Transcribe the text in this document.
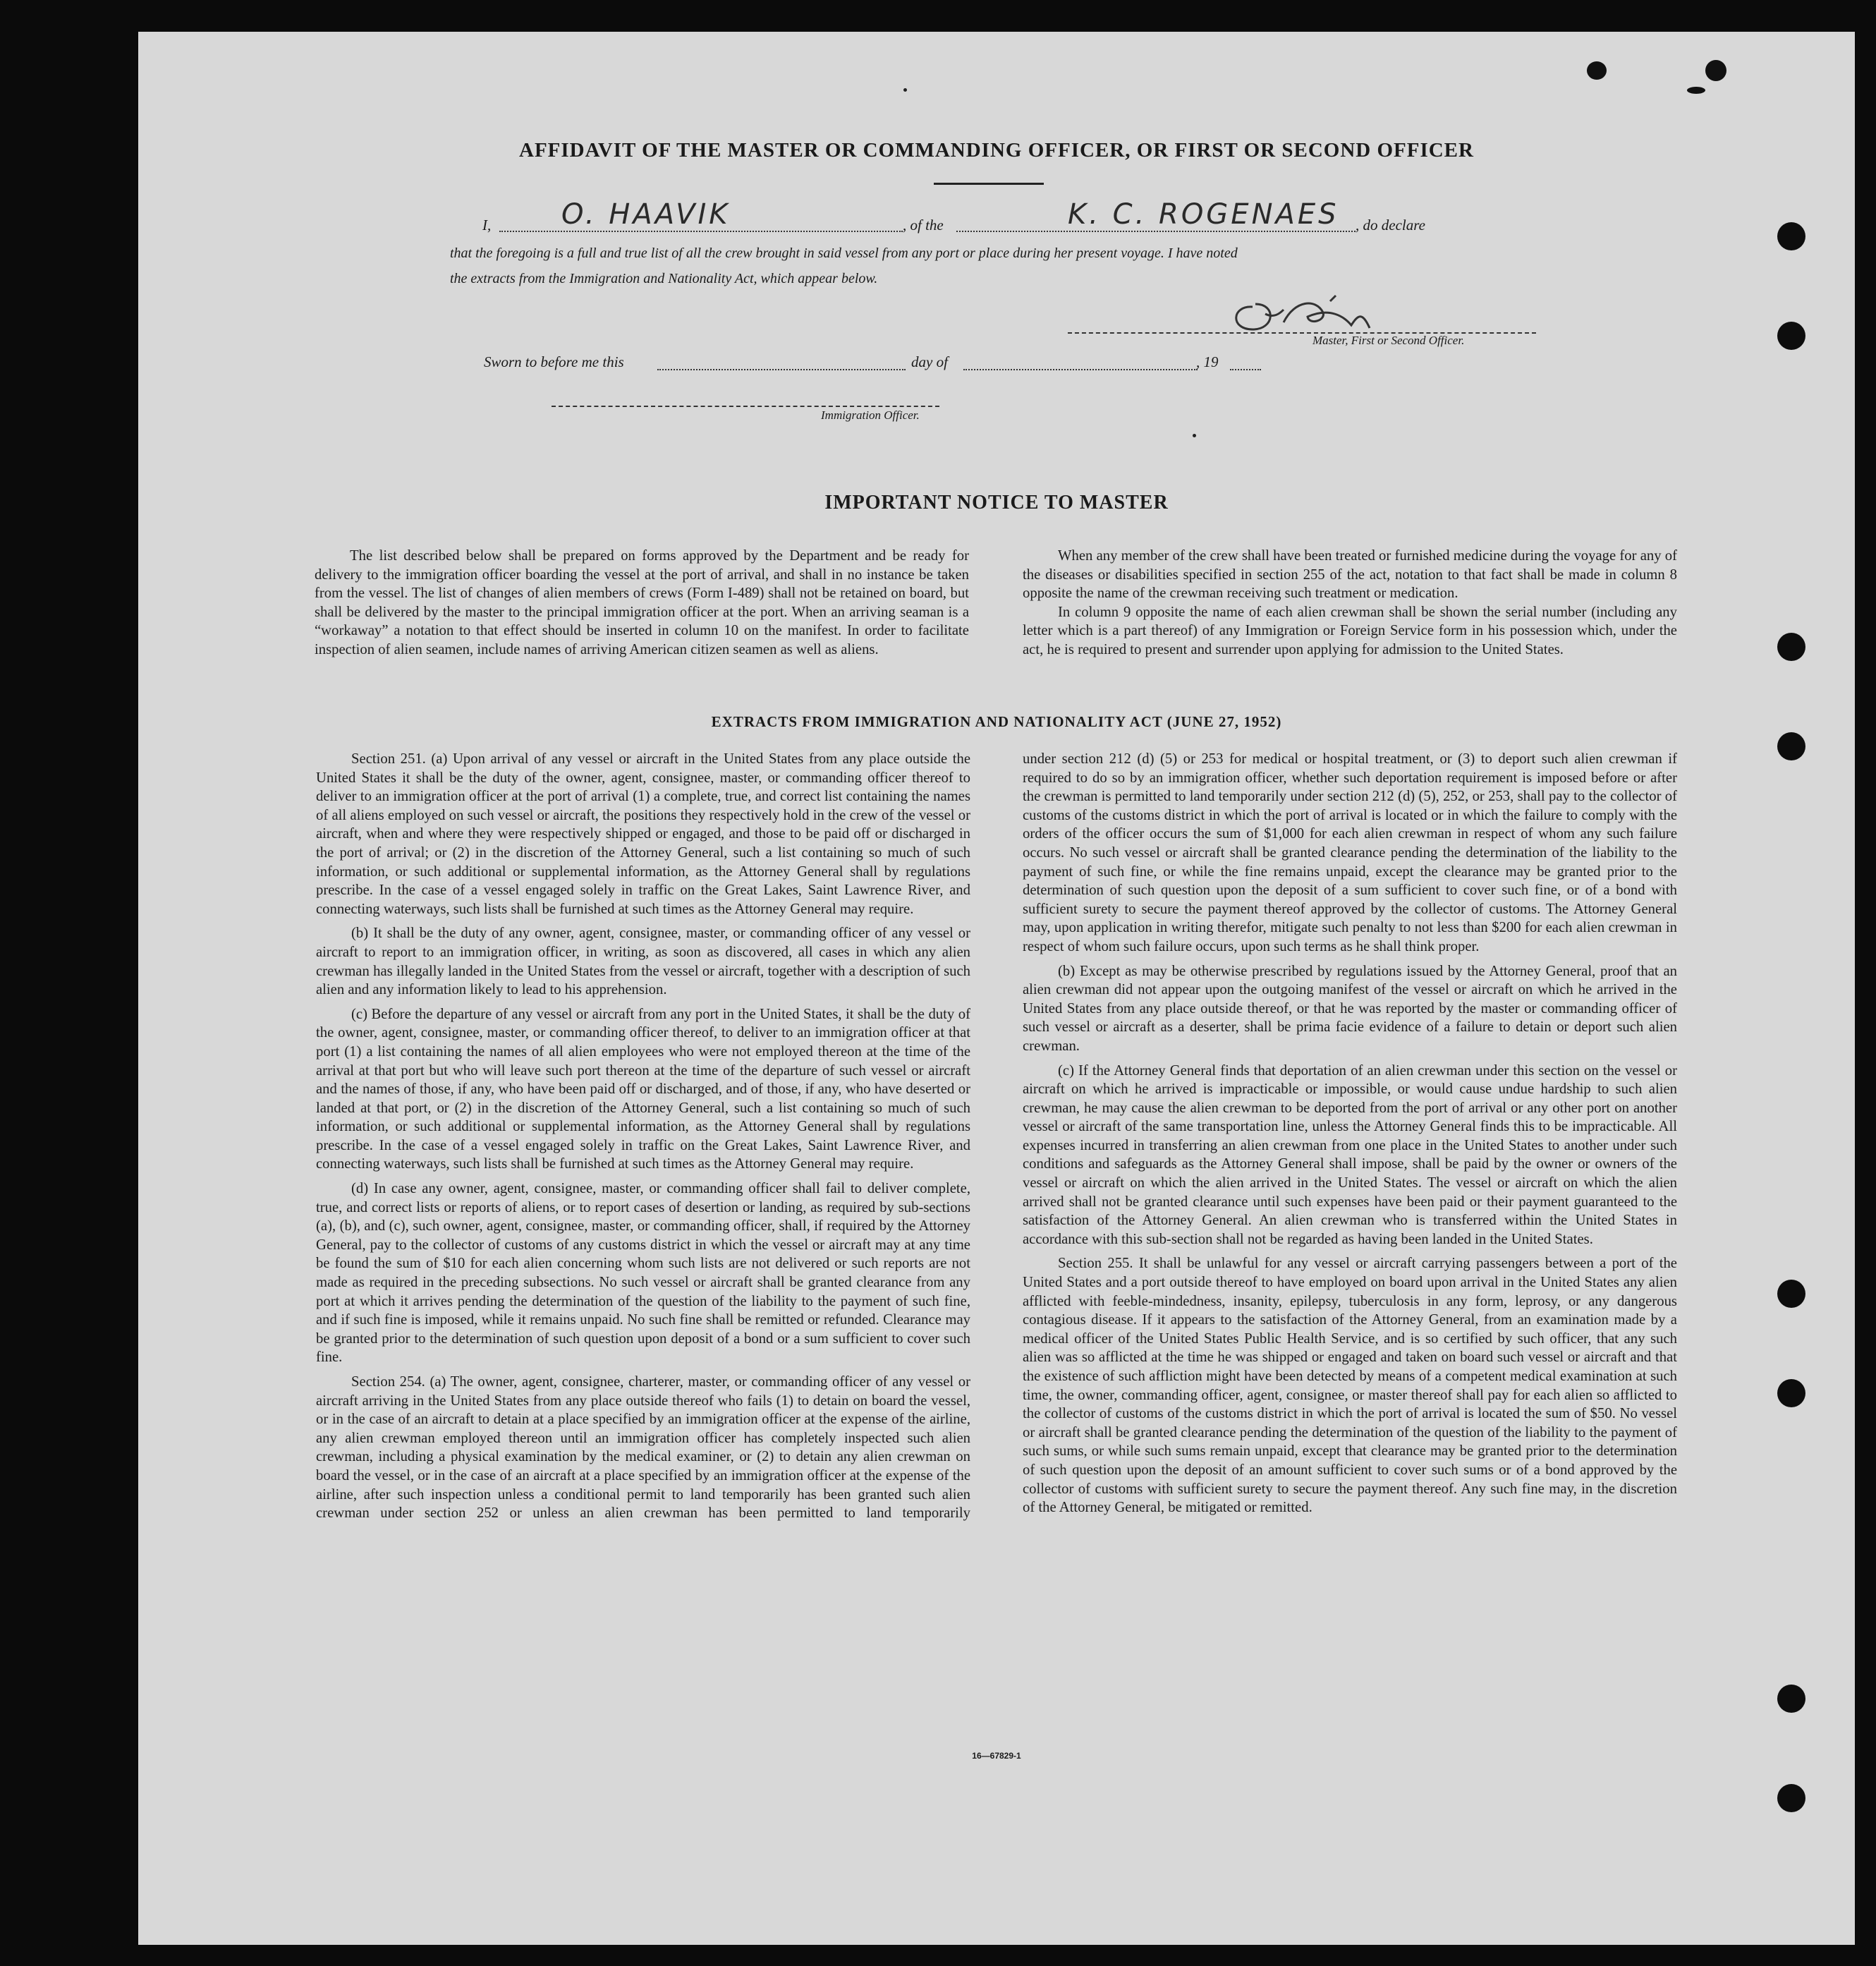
AFFIDAVIT OF THE MASTER OR COMMANDING OFFICER, OR FIRST OR SECOND OFFICER
I, O. HAAVIK	, of the	K. C. ROGENAES , do declare
that the foregoing is a full and true list of all the crew brought in said vessel from any port or place during her present voyage. I have noted
the extracts from the Immigration and Nationality Act, which appear below.
Master, First or Second Officer.
Sworn to before me this	day of	, 19
Immigration Officer.
IMPORTANT NOTICE TO MASTER

The list described below shall be prepared on forms approved by the Department and be ready for delivery to the immigration officer boarding the vessel at the port of arrival, and shall in no instance be taken from the vessel. The list of changes of alien members of crews (Form I-489) shall not be retained on board, but shall be delivered by the master to the principal immigration officer at the port. When an arriving seaman is a “workaway” a notation to that effect should be inserted in column 10 on the manifest. In order to facilitate inspection of alien seamen, include names of arriving American citizen seamen as well as aliens.

When any member of the crew shall have been treated or furnished medicine during the voyage for any of the diseases or disabilities specified in section 255 of the act, notation to that fact shall be made in column 8 opposite the name of the crewman receiving such treatment or medication.

In column 9 opposite the name of each alien crewman shall be shown the serial number (including any letter which is a part thereof) of any Immigration or Foreign Service form in his possession which, under the act, he is required to present and surrender upon applying for admission to the United States.

EXTRACTS FROM IMMIGRATION AND NATIONALITY ACT (JUNE 27, 1952)

Section 251. (a) Upon arrival of any vessel or aircraft in the United States from any place outside the United States it shall be the duty of the owner, agent, consignee, master, or commanding officer thereof to deliver to an immigration officer at the port of arrival (1) a complete, true, and correct list containing the names of all aliens employed on such vessel or aircraft, the positions they respectively hold in the crew of the vessel or aircraft, when and where they were respectively shipped or engaged, and those to be paid off or discharged in the port of arrival; or (2) in the discretion of the Attorney General, such a list containing so much of such information, or such additional or supplemental information, as the Attorney General shall by regulations prescribe. In the case of a vessel engaged solely in traffic on the Great Lakes, Saint Lawrence River, and connecting waterways, such lists shall be furnished at such times as the Attorney General may require.

(b) It shall be the duty of any owner, agent, consignee, master, or commanding officer of any vessel or aircraft to report to an immigration officer, in writing, as soon as discovered, all cases in which any alien crewman has illegally landed in the United States from the vessel or aircraft, together with a description of such alien and any information likely to lead to his apprehension.

(c) Before the departure of any vessel or aircraft from any port in the United States, it shall be the duty of the owner, agent, consignee, master, or commanding officer thereof, to deliver to an immigration officer at that port (1) a list containing the names of all alien employees who were not employed thereon at the time of the arrival at that port but who will leave such port thereon at the time of the departure of such vessel or aircraft and the names of those, if any, who have been paid off or discharged, and of those, if any, who have deserted or landed at that port, or (2) in the discretion of the Attorney General, such a list containing so much of such information, or such additional or supplemental information, as the Attorney General shall by regulations prescribe. In the case of a vessel engaged solely in traffic on the Great Lakes, Saint Lawrence River, and connecting waterways, such lists shall be furnished at such times as the Attorney General may require.

(d) In case any owner, agent, consignee, master, or commanding officer shall fail to deliver complete, true, and correct lists or reports of aliens, or to report cases of desertion or landing, as required by sub-sections (a), (b), and (c), such owner, agent, consignee, master, or commanding officer, shall, if required by the Attorney General, pay to the collector of customs of any customs district in which the vessel or aircraft may at any time be found the sum of $10 for each alien concerning whom such lists are not delivered or such reports are not made as required in the preceding subsections. No such vessel or aircraft shall be granted clearance from any port at which it arrives pending the determination of the question of the liability to the payment of such fine, and if such fine is imposed, while it remains unpaid. No such fine shall be remitted or refunded. Clearance may be granted prior to the determination of such question upon deposit of a bond or a sum sufficient to cover such fine.

Section 254. (a) The owner, agent, consignee, charterer, master, or commanding officer of any vessel or aircraft arriving in the United States from any place outside thereof who fails (1) to detain on board the vessel, or in the case of an aircraft to detain at a place specified by an immigration officer at the expense of the airline, any alien crewman employed thereon until an immigration officer has completely inspected such alien crewman, including a physical examination by the medical examiner, or (2) to detain any alien crewman on board the vessel, or in the case of an aircraft at a place specified by an immigration officer at the expense of the airline, after such inspection unless a conditional permit to land temporarily has been granted such alien crewman under section 252 or unless an alien crewman has been permitted to land temporarily

under section 212 (d) (5) or 253 for medical or hospital treatment, or (3) to deport such alien crewman if required to do so by an immigration officer, whether such deportation requirement is imposed before or after the crewman is permitted to land temporarily under section 212 (d) (5), 252, or 253, shall pay to the collector of customs of the customs district in which the port of arrival is located or in which the failure to comply with the orders of the officer occurs the sum of $1,000 for each alien crewman in respect of whom any such failure occurs. No such vessel or aircraft shall be granted clearance pending the determination of the liability to the payment of such fine, or while the fine remains unpaid, except the clearance may be granted prior to the determination of such question upon the deposit of a sum sufficient to cover such fine, or of a bond with sufficient surety to secure the payment thereof approved by the collector of customs. The Attorney General may, upon application in writing therefor, mitigate such penalty to not less than $200 for each alien crewman in respect of whom such failure occurs, upon such terms as he shall think proper.

(b) Except as may be otherwise prescribed by regulations issued by the Attorney General, proof that an alien crewman did not appear upon the outgoing manifest of the vessel or aircraft on which he arrived in the United States from any place outside thereof, or that he was reported by the master or commanding officer of such vessel or aircraft as a deserter, shall be prima facie evidence of a failure to detain or deport such alien crewman.

(c) If the Attorney General finds that deportation of an alien crewman under this section on the vessel or aircraft on which he arrived is impracticable or impossible, or would cause undue hardship to such alien crewman, he may cause the alien crewman to be deported from the port of arrival or any other port on another vessel or aircraft of the same transportation line, unless the Attorney General finds this to be impracticable. All expenses incurred in transferring an alien crewman from one place in the United States to another under such conditions and safeguards as the Attorney General shall impose, shall be paid by the owner or owners of the vessel or aircraft on which the alien arrived in the United States. The vessel or aircraft on which the alien arrived shall not be granted clearance until such expenses have been paid or their payment guaranteed to the satisfaction of the Attorney General. An alien crewman who is transferred within the United States in accordance with this sub-section shall not be regarded as having been landed in the United States.

Section 255. It shall be unlawful for any vessel or aircraft carrying passengers between a port of the United States and a port outside thereof to have employed on board upon arrival in the United States any alien afflicted with feeble-mindedness, insanity, epilepsy, tuberculosis in any form, leprosy, or any dangerous contagious disease. If it appears to the satisfaction of the Attorney General, from an examination made by a medical officer of the United States Public Health Service, and is so certified by such officer, that any such alien was so afflicted at the time he was shipped or engaged and taken on board such vessel or aircraft and that the existence of such affliction might have been detected by means of a competent medical examination at such time, the owner, commanding officer, agent, consignee, or master thereof shall pay for each alien so afflicted to the collector of customs of the customs district in which the port of arrival is located the sum of $50. No vessel or aircraft shall be granted clearance pending the determination of the question of the liability to the payment of such sums, or while such sums remain unpaid, except that clearance may be granted prior to the determination of such question upon the deposit of an amount sufficient to cover such sums or of a bond approved by the collector of customs with sufficient surety to secure the payment thereof. Any such fine may, in the discretion of the Attorney General, be mitigated or remitted.

16—67829-1
